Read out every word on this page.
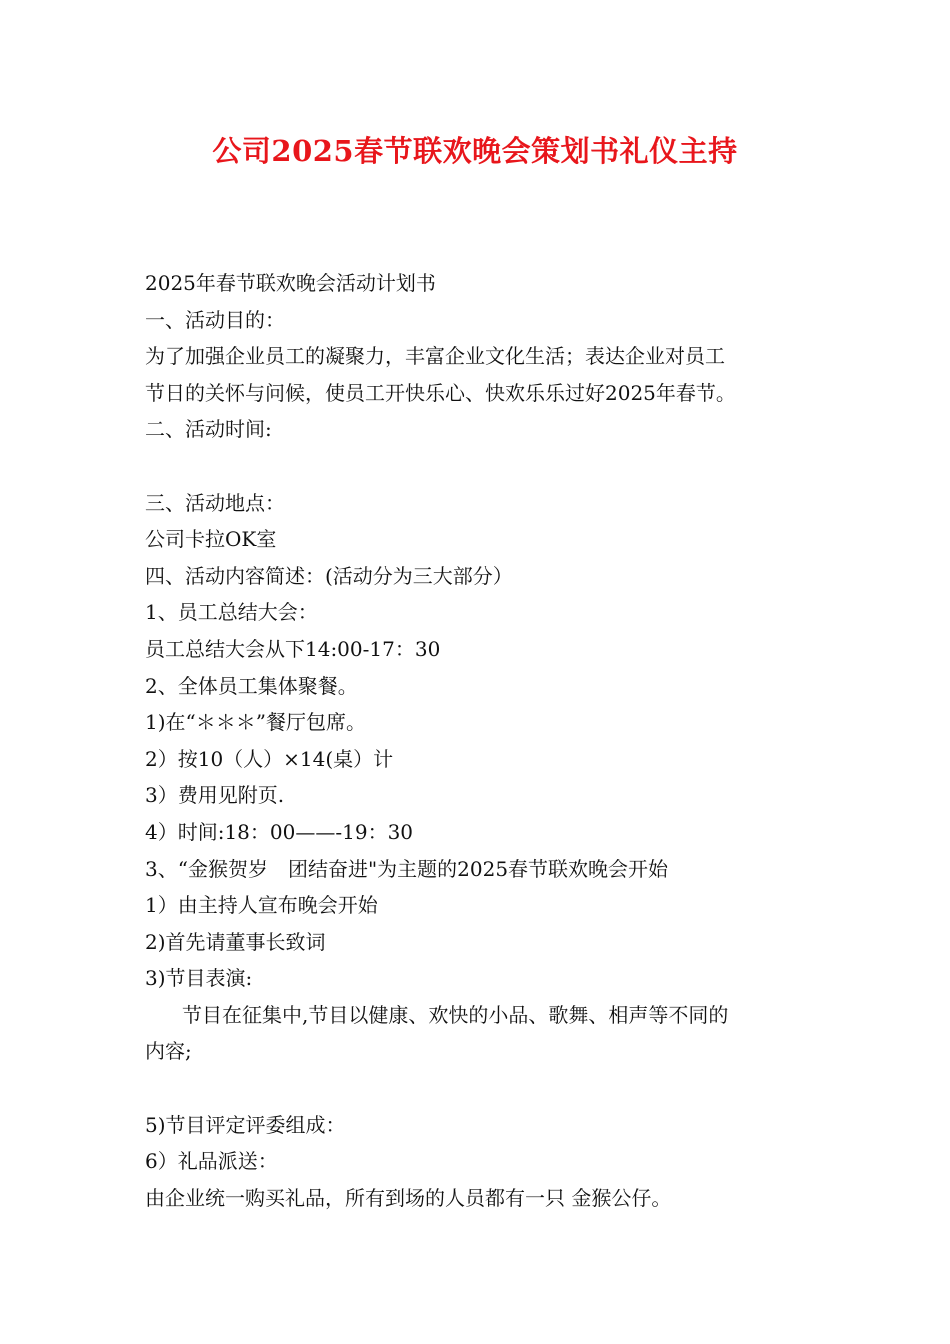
公司2025春节联欢晚会策划书礼仪主持
2025年春节联欢晚会活动计划书
一、活动目的：
为了加强企业员工的凝聚力，丰富企业文化生活；表达企业对员工
节日的关怀与问候，使员工开快乐心、快欢乐乐过好2025年春节。
二、活动时间:
三、活动地点：
公司卡拉OK室
四、活动内容简述：(活动分为三大部分）
1、员工总结大会：
员工总结大会从下14:00-17：30
2、全体员工集体聚餐。
1)在“＊＊＊”餐厅包席。
2）按10（人）×14(桌）计
3）费用见附页.
4）时间:18：00——-19：30
3、“金猴贺岁　团结奋进"为主题的2025春节联欢晚会开始
1）由主持人宣布晚会开始
2)首先请董事长致词
3)节目表演:
节目在征集中,节目以健康、欢快的小品、歌舞、相声等不同的
内容;
5)节目评定评委组成：
6）礼品派送：
由企业统一购买礼品，所有到场的人员都有一只 金猴公仔。
